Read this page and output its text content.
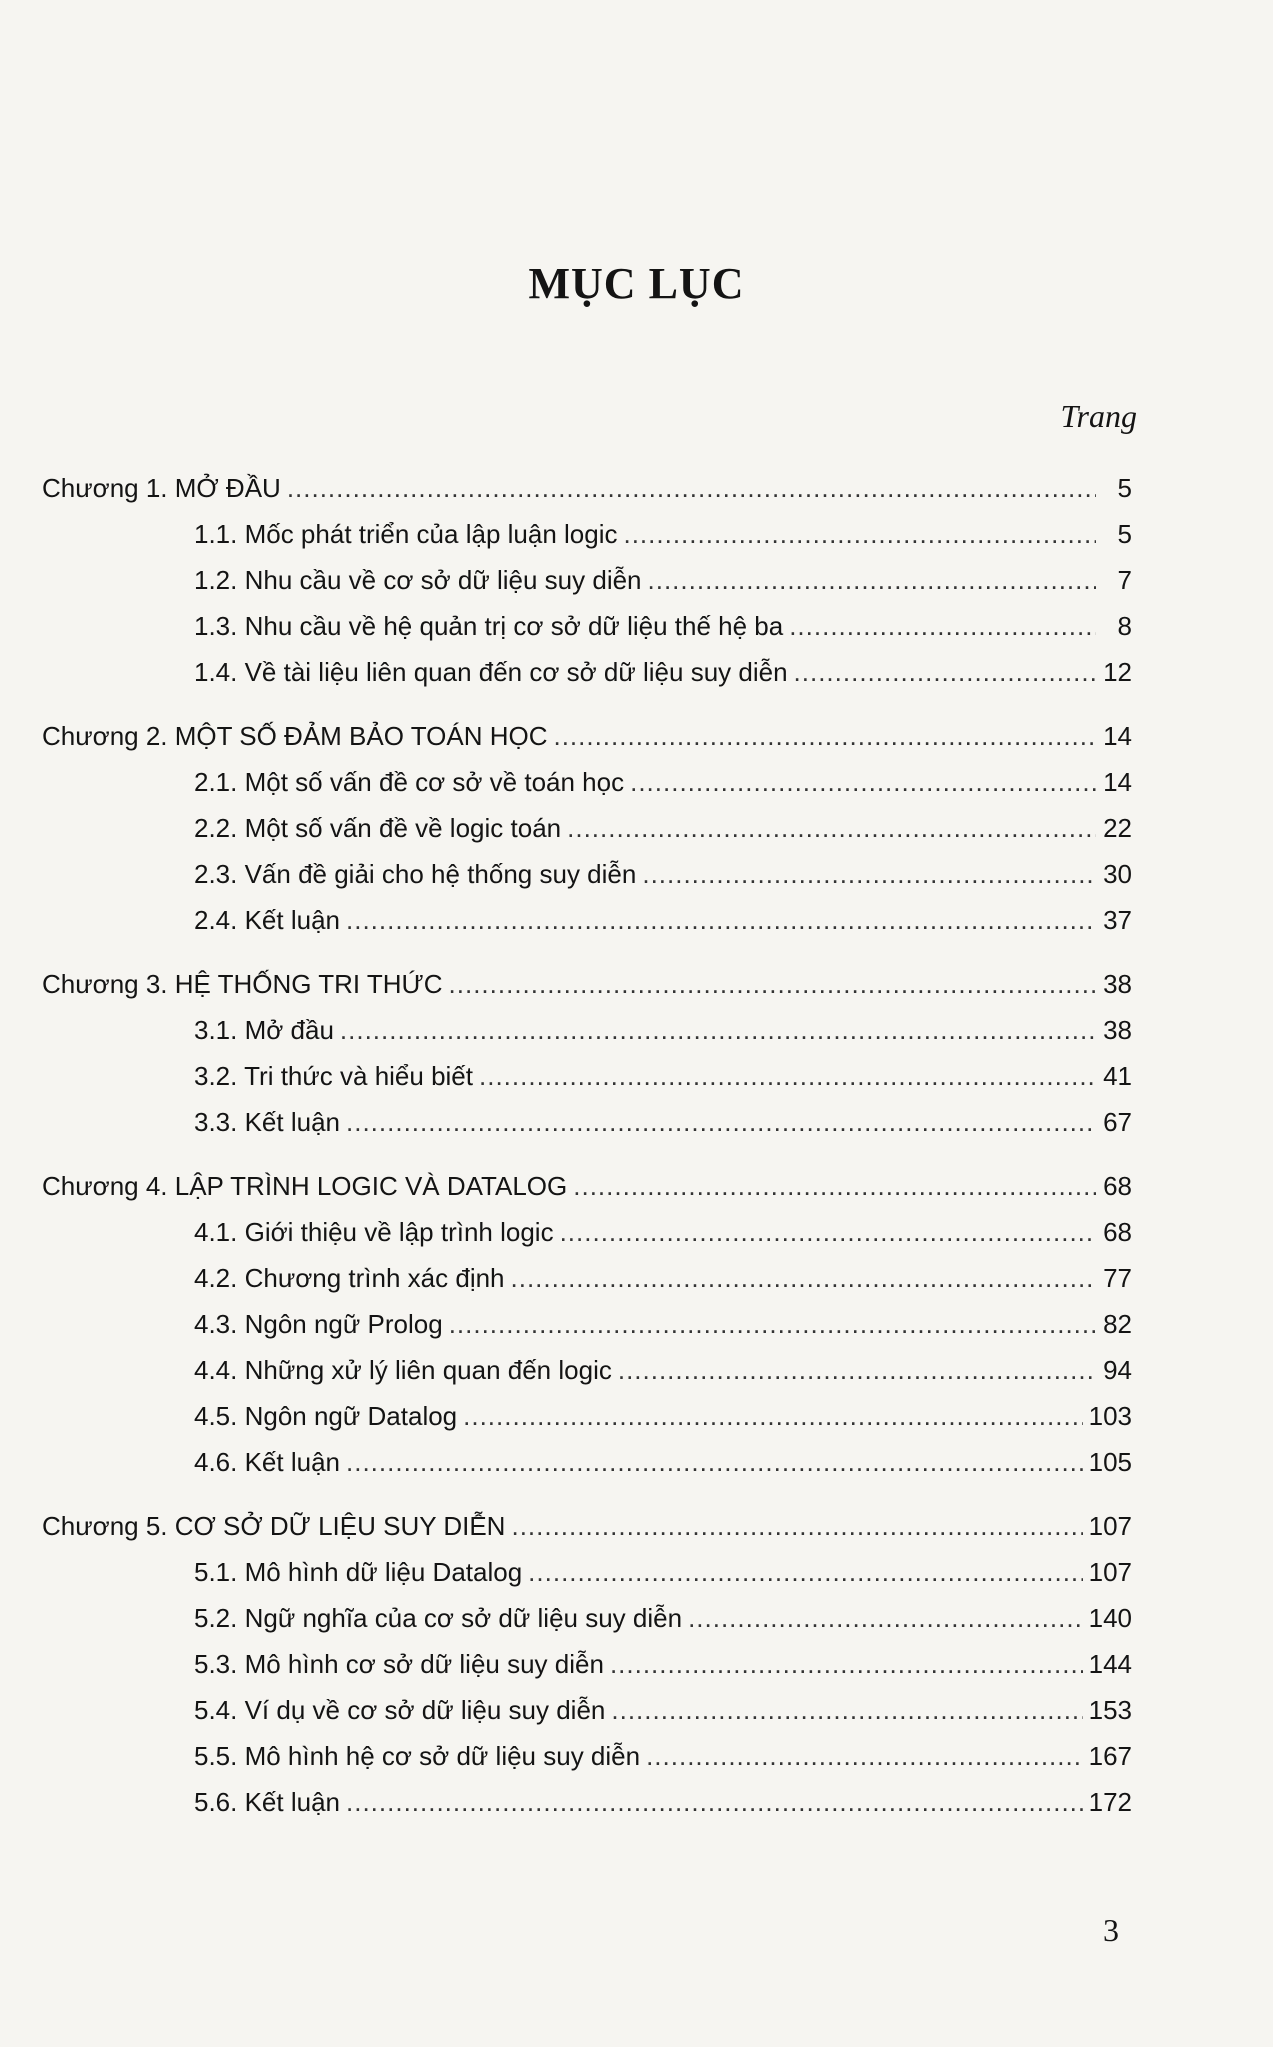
MỤC LỤC
Trang
Chương 1. MỞ ĐẦU .....	5
1.1. Mốc phát triển của lập luận logic .....	5
1.2. Nhu cầu về cơ sở dữ liệu suy diễn .....	7
1.3. Nhu cầu về hệ quản trị cơ sở dữ liệu thế hệ ba .....	8
1.4. Về tài liệu liên quan đến cơ sở dữ liệu suy diễn .....	12
Chương 2. MỘT SỐ ĐẢM BẢO TOÁN HỌC .....	14
2.1. Một số vấn đề cơ sở về toán học .....	14
2.2. Một số vấn đề về logic toán .....	22
2.3. Vấn đề giải cho hệ thống suy diễn .....	30
2.4. Kết luận .....	37
Chương 3. HỆ THỐNG TRI THỨC .....	38
3.1. Mở đầu .....	38
3.2. Tri thức và hiểu biết .....	41
3.3. Kết luận .....	67
Chương 4. LẬP TRÌNH LOGIC VÀ DATALOG .....	68
4.1. Giới thiệu về lập trình logic .....	68
4.2. Chương trình xác định .....	77
4.3. Ngôn ngữ Prolog .....	82
4.4. Những xử lý liên quan đến logic .....	94
4.5. Ngôn ngữ Datalog .....	103
4.6. Kết luận .....	105
Chương 5. CƠ SỞ DỮ LIỆU SUY DIỄN .....	107
5.1. Mô hình dữ liệu Datalog .....	107
5.2. Ngữ nghĩa của cơ sở dữ liệu suy diễn .....	140
5.3. Mô hình cơ sở dữ liệu suy diễn .....	144
5.4. Ví dụ về cơ sở dữ liệu suy diễn .....	153
5.5. Mô hình hệ cơ sở dữ liệu suy diễn .....	167
5.6. Kết luận .....	172
3
